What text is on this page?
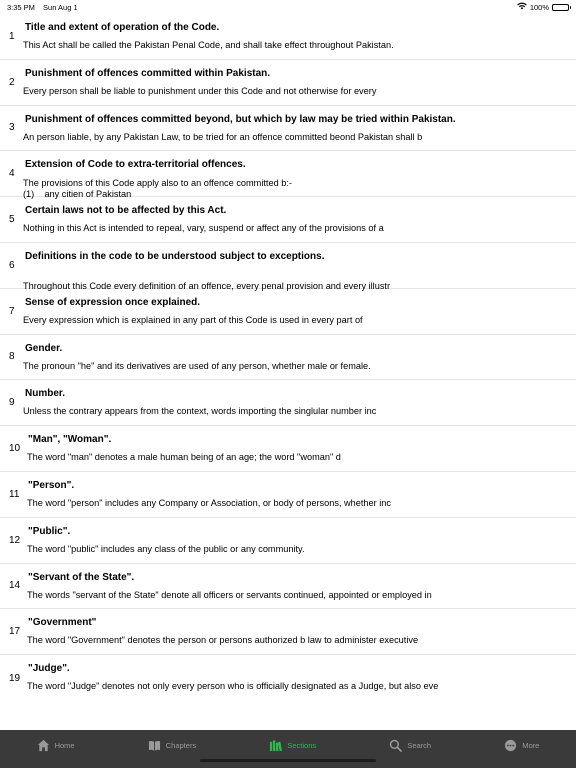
3:35 PM Sun Aug 1	100%
1
Title and extent of operation of the Code.
This Act shall be called the Pakistan Penal Code, and shall take effect throughout Pakistan.
2
Punishment of offences committed within Pakistan.
Every person shall be liable to punishment under this Code and not otherwise for every
3
Punishment of offences committed beyond, but which by law may be tried within Pakistan.
An person liable, by any Pakistan Law, to be tried for an offence committed beond Pakistan shall b
4
Extension of Code to extra-territorial offences.
The provisions of this Code apply also to an offence committed b:-
(1)    any citien of Pakistan
5
Certain laws not to be affected by this Act.
Nothing in this Act is intended to repeal, vary, suspend or affect any of the provisions of a
6
Definitions in the code to be understood subject to exceptions.
Throughout this Code every definition of an offence, every penal provision and every illustr
7
Sense of expression once explained.
Every expression which is explained in any part of this Code is used in every part of
8
Gender.
The pronoun "he" and its derivatives are used of any person, whether male or female.
9
Number.
Unless the contrary appears from the context, words importing the singlular number inc
10
"Man", "Woman".
The word "man" denotes a male human being of an age; the word "woman" d
11
"Person".
The word "person" includes any Company or Association, or body of persons, whether inc
12
"Public".
The word "public" includes any class of the public or any community.
14
"Servant of the State".
The words "servant of the State" denote all officers or servants continued, appointed or employed in
17
"Government"
The word "Government" denotes the person or persons authorized b law to administer executive
19
"Judge".
The word "Judge" denotes not only every person who is officially designated as a Judge, but also eve
Home	Chapters	Sections	Search	More
